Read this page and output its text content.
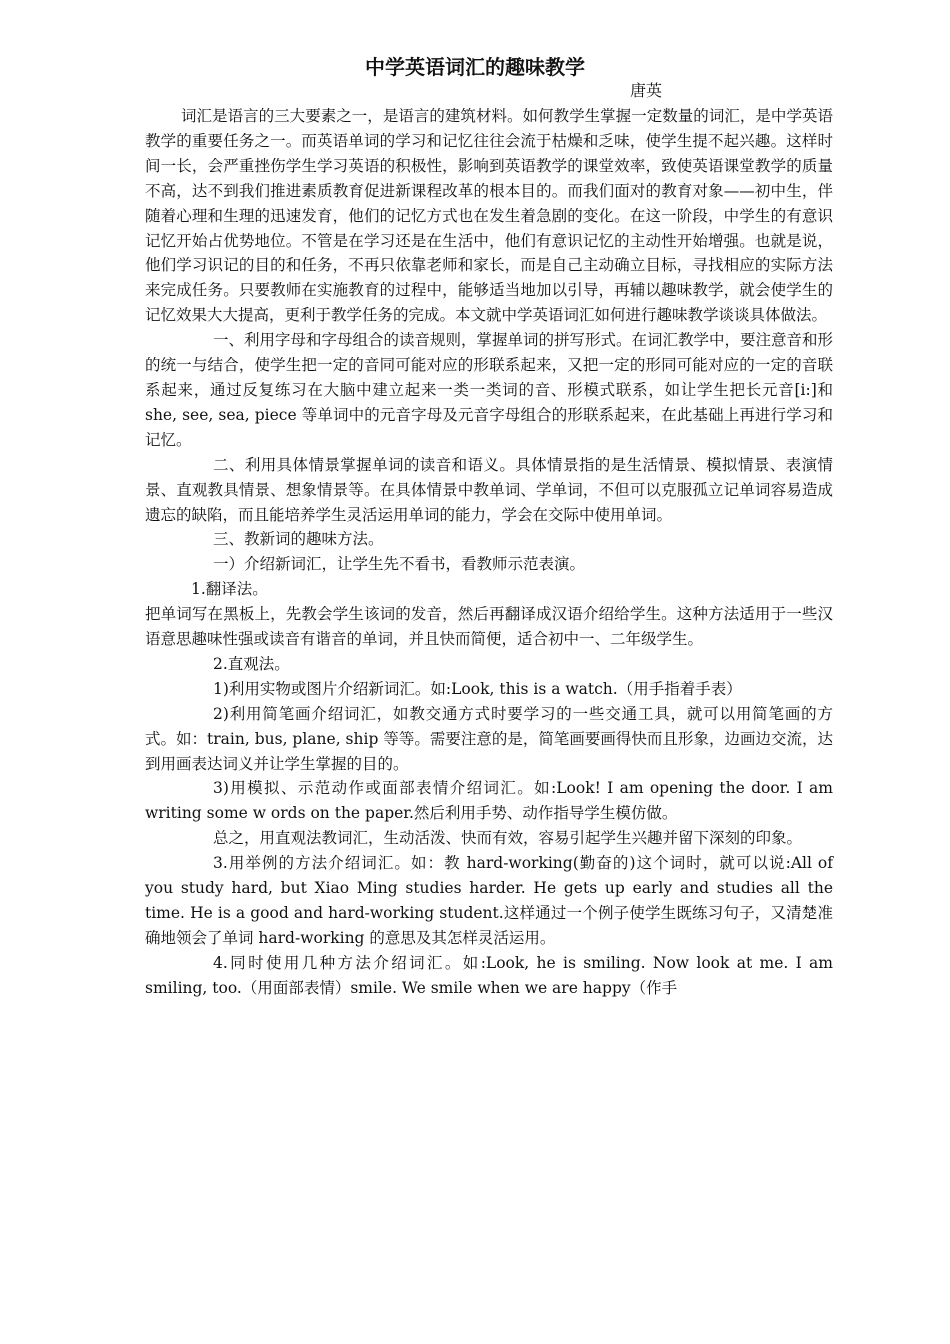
中学英语词汇的趣味教学
唐英

词汇是语言的三大要素之一，是语言的建筑材料。如何教学生掌握一定数量的词汇，是中学英语教学的重要任务之一。而英语单词的学习和记忆往往会流于枯燥和乏味，使学生提不起兴趣。这样时间一长，会严重挫伤学生学习英语的积极性，影响到英语教学的课堂效率，致使英语课堂教学的质量不高，达不到我们推进素质教育促进新课程改革的根本目的。而我们面对的教育对象——初中生，伴随着心理和生理的迅速发育，他们的记忆方式也在发生着急剧的变化。在这一阶段，中学生的有意识记忆开始占优势地位。不管是在学习还是在生活中，他们有意识记忆的主动性开始增强。也就是说，他们学习识记的目的和任务，不再只依靠老师和家长，而是自己主动确立目标，寻找相应的实际方法来完成任务。只要教师在实施教育的过程中，能够适当地加以引导，再辅以趣味教学，就会使学生的记忆效果大大提高，更利于教学任务的完成。本文就中学英语词汇如何进行趣味教学谈谈具体做法。

一、利用字母和字母组合的读音规则，掌握单词的拼写形式。在词汇教学中，要注意音和形的统一与结合，使学生把一定的音同可能对应的形联系起来，又把一定的形同可能对应的一定的音联系起来，通过反复练习在大脑中建立起来一类一类词的音、形模式联系，如让学生把长元音[i:]和 she, see, sea, piece 等单词中的元音字母及元音字母组合的形联系起来，在此基础上再进行学习和记忆。

二、利用具体情景掌握单词的读音和语义。具体情景指的是生活情景、模拟情景、表演情景、直观教具情景、想象情景等。在具体情景中教单词、学单词，不但可以克服孤立记单词容易造成遗忘的缺陷，而且能培养学生灵活运用单词的能力，学会在交际中使用单词。

三、教新词的趣味方法。

一）介绍新词汇，让学生先不看书，看教师示范表演。

1.翻译法。

把单词写在黑板上，先教会学生该词的发音，然后再翻译成汉语介绍给学生。这种方法适用于一些汉语意思趣味性强或读音有谐音的单词，并且快而简便，适合初中一、二年级学生。

2.直观法。

1)利用实物或图片介绍新词汇。如:Look, this is a watch.（用手指着手表）

2)利用简笔画介绍词汇，如教交通方式时要学习的一些交通工具，就可以用简笔画的方式。如：train, bus, plane, ship 等等。需要注意的是，简笔画要画得快而且形象，边画边交流，达到用画表达词义并让学生掌握的目的。

3)用模拟、示范动作或面部表情介绍词汇。如:Look! I am opening the door. I am writing some w ords on the paper.然后利用手势、动作指导学生模仿做。

总之，用直观法教词汇，生动活泼、快而有效，容易引起学生兴趣并留下深刻的印象。

3.用举例的方法介绍词汇。如：教 hard-working(勤奋的)这个词时，就可以说:All of you study hard, but Xiao Ming studies harder. He gets up early and studies all the time. He is a good and hard-working student.这样通过一个例子使学生既练习句子，又清楚准确地领会了单词 hard-working 的意思及其怎样灵活运用。

4.同时使用几种方法介绍词汇。如:Look, he is smiling. Now look at me. I am smiling, too.（用面部表情）smile. We smile when we are happy（作手
